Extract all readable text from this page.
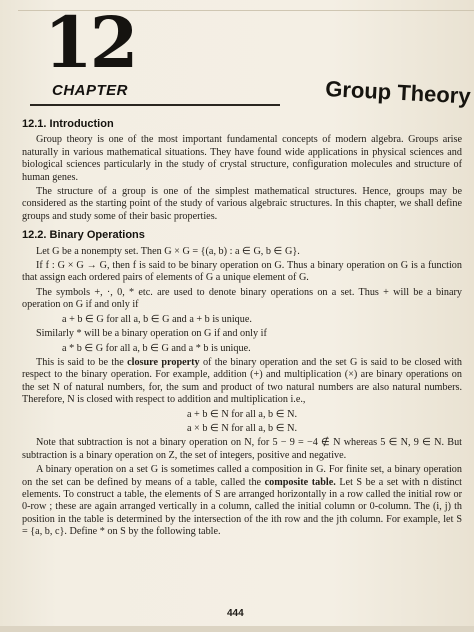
12
CHAPTER	Group Theory
12.1. Introduction

Group theory is one of the most important fundamental concepts of modern algebra. Groups arise naturally in various mathematical situations. They have found wide applications in physical sciences and biological sciences particularly in the study of crystal structure, configuration molecules and structure of human genes.

The structure of a group is one of the simplest mathematical structures. Hence, groups may be considered as the starting point of the study of various algebraic structures. In this chapter, we shall define groups and study some of their basic properties.

12.2. Binary Operations

Let G be a nonempty set. Then G × G = {(a, b) : a ∈ G, b ∈ G}.

If f : G × G → G, then f is said to be binary operation on G. Thus a binary operation on G is a function that assign each ordered pairs of elements of G a unique element of G.

The symbols +, ·, 0, * etc. are used to denote binary operations on a set. Thus + will be a binary operation on G if and only if

a + b ∈ G for all a, b ∈ G and a + b is unique.

Similarly * will be a binary operation on G if and only if

a * b ∈ G for all a, b ∈ G and a * b is unique.

This is said to be the closure property of the binary operation and the set G is said to be closed with respect to the binary operation. For example, addition (+) and multiplication (×) are binary operations on the set N of natural numbers, for, the sum and product of two natural numbers are also natural numbers. Therefore, N is closed with respect to addition and multiplication i.e.,

a + b ∈ N for all a, b ∈ N.

a × b ∈ N for all a, b ∈ N.

Note that subtraction is not a binary operation on N, for 5 − 9 = −4 ∉ N whereas 5 ∈ N, 9 ∈ N. But subtraction is a binary operation on Z, the set of integers, positive and negative.

A binary operation on a set G is sometimes called a composition in G. For finite set, a binary operation on the set can be defined by means of a table, called the composite table. Let S be a set with n distinct elements. To construct a table, the elements of S are arranged horizontally in a row called the initial row or 0-row ; these are again arranged vertically in a column, called the initial column or 0-column. The (i, j) th position in the table is determined by the intersection of the ith row and the jth column. For example, let S = {a, b, c}. Define * on S by the following table.

444
